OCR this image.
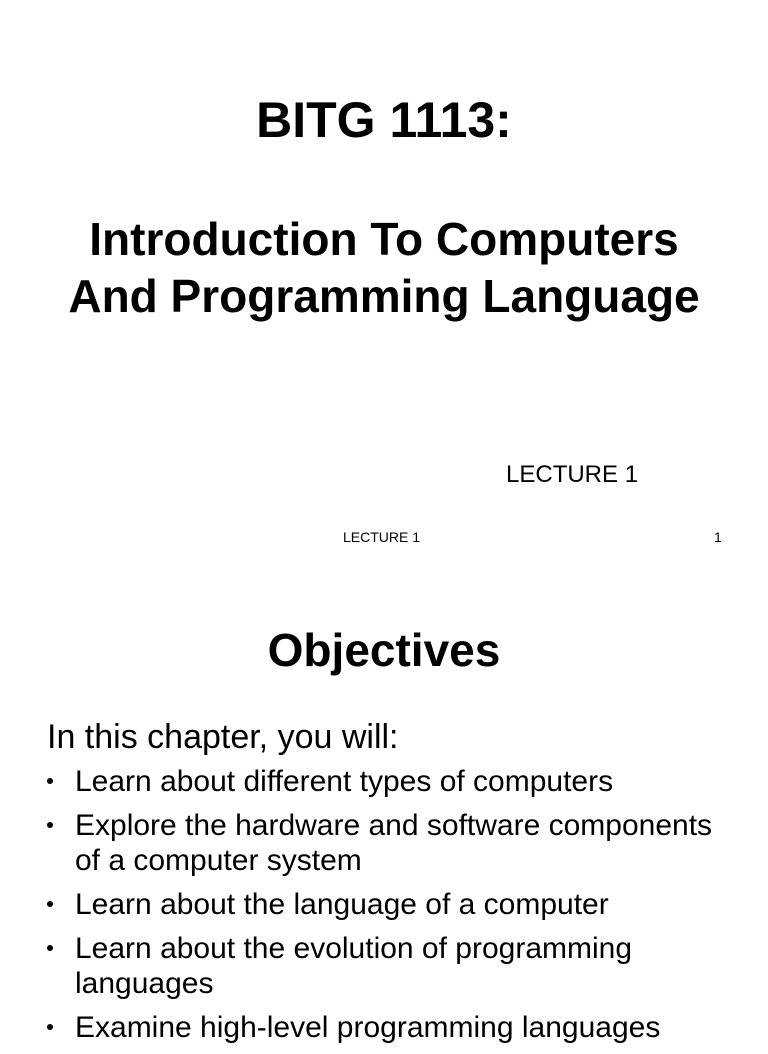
BITG 1113:
Introduction To Computers
And Programming Language
LECTURE 1
LECTURE 1	1
Objectives
In this chapter, you will:
Learn about different types of computers
Explore the hardware and software components
of a computer system
Learn about the language of a computer
Learn about the evolution of programming
languages
Examine high-level programming languages
